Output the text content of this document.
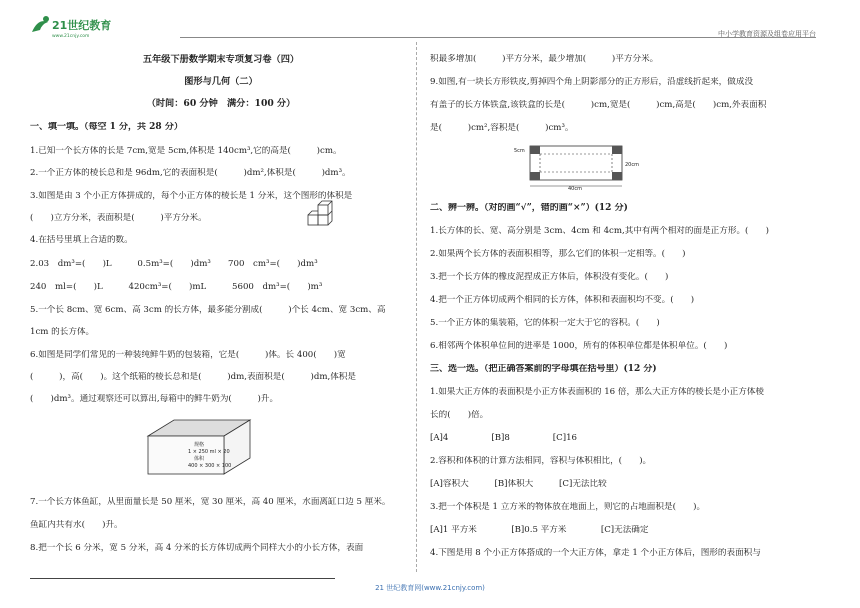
21世纪教育
www.21cnjy.com	中小学教育资源及组卷应用平台
五年级下册数学期末专项复习卷（四）
图形与几何（二）
（时间：60 分钟　满分：100 分）
一、填一填。（每空 1 分，共 28 分）
1.已知一个长方体的长是 7cm,宽是 5cm,体积是 140cm³,它的高是(　　　)cm。
2.一个正方体的棱长总和是 96dm,它的表面积是(　　　)dm²,体积是(　　　)dm³。
3.如图是由 3 个小正方体拼成的，每个小正方体的棱长是 1 分米，这个图形的体积是
(　　)立方分米，表面积是(　　　)平方分米。
4.在括号里填上合适的数。
2.03　dm³=(　　)L　　　0.5m³=(　　)dm³　　700　cm³=(　　)dm³
240　ml=(　　)L　　　420cm³=(　　)mL　　　5600　dm³=(　　)m³
5.一个长 8cm、宽 6cm、高 3cm 的长方体，最多能分割成(　　　)个长 4cm、宽 3cm、高
1cm 的长方体。
6.如图是同学们常见的一种装纯鲜牛奶的包装箱，它是(　　　)体。长 400(　　)宽
(　　　)，高(　　)。这个纸箱的棱长总和是(　　　)dm,表面积是(　　　)dm,体积是
(　　)dm³。通过观察还可以算出,每箱中的鲜牛奶为(　　　)升。
规格
1 × 250 ml × 20
体积
400 × 300 × 100
7.一个长方体鱼缸，从里面量长是 50 厘米，宽 30 厘米，高 40 厘米，水面离缸口边 5 厘米。
鱼缸内共有水(　　)升。
8.把一个长 6 分米，宽 5 分米，高 4 分米的长方体切成两个同样大小的小长方体，表面
积最多增加(　　　)平方分米，最少增加(　　　)平方分米。
9.如图,有一块长方形铁皮,剪掉四个角上阴影部分的正方形后，沿虚线折起来，做成没
有盖子的长方体铁盒,该铁盒的长是(　　　)cm,宽是(　　　)cm,高是(　　)cm,外表面积
是(　　　)cm²,容积是(　　　)cm³。
5cm
20cm
40cm
二、辨一辨。（对的画“√”，错的画“×”）(12 分)
1.长方体的长、宽、高分别是 3cm、4cm 和 4cm,其中有两个相对的面是正方形。(　　)
2.如果两个长方体的表面积相等，那么它们的体积一定相等。(　　)
3.把一个长方体的橡皮泥捏成正方体后，体积没有变化。(　　)
4.把一个正方体切成两个相同的长方体，体积和表面积均不变。(　　)
5.一个正方体的集装箱，它的体积一定大于它的容积。(　　)
6.相邻两个体积单位间的进率是 1000，所有的体积单位都是体积单位。(　　)
三、选一选。（把正确答案前的字母填在括号里）(12 分)
1.如果大正方体的表面积是小正方体表面积的 16 倍，那么大正方体的棱长是小正方体棱
长的(　　)倍。
[A]4　　　　　[B]8　　　　　[C]16
2.容积和体积的计算方法相同，容积与体积相比，(　　)。
[A]容积大　　　[B]体积大　　　[C]无法比较
3.把一个体积是 1 立方米的物体放在地面上，则它的占地面积是(　　)。
[A]1 平方米　　　　[B]0.5 平方米　　　　[C]无法确定
4.下图是用 8 个小正方体搭成的一个大正方体，拿走 1 个小正方体后，图形的表面积与
21 世纪教育网(www.21cnjy.com)
